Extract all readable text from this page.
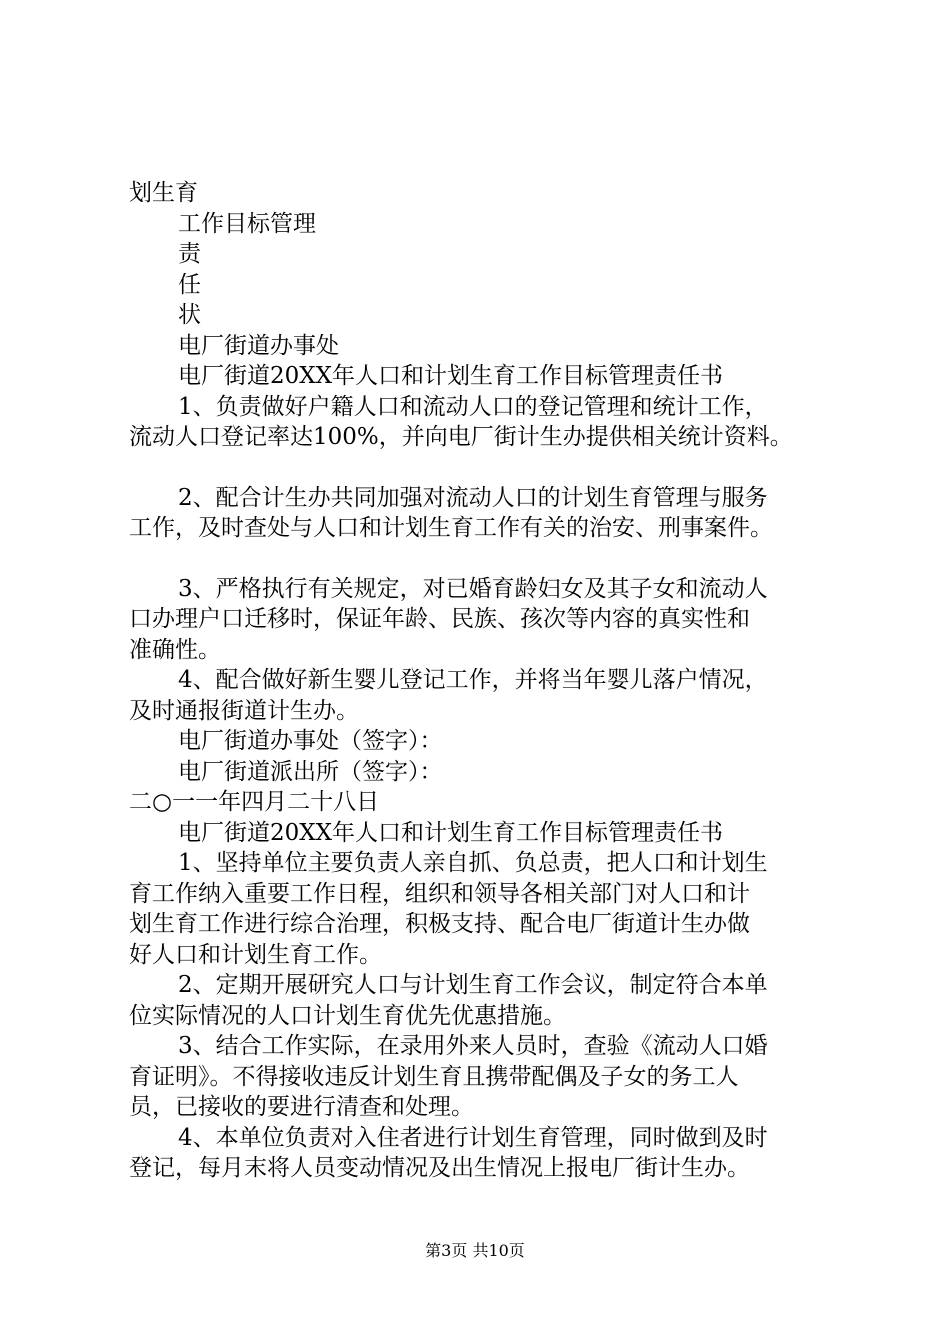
划生育

工作目标管理

责

任

状

电厂街道办事处

电厂街道20XX年人口和计划生育工作目标管理责任书

1、负责做好户籍人口和流动人口的登记管理和统计工作，

流动人口登记率达100%，并向电厂街计生办提供相关统计资料。

2、配合计生办共同加强对流动人口的计划生育管理与服务

工作，及时查处与人口和计划生育工作有关的治安、刑事案件。

3、严格执行有关规定，对已婚育龄妇女及其子女和流动人

口办理户口迁移时，保证年龄、民族、孩次等内容的真实性和

准确性。

4、配合做好新生婴儿登记工作，并将当年婴儿落户情况，

及时通报街道计生办。

电厂街道办事处（签字）：

电厂街道派出所（签字）：

二○一一年四月二十八日

电厂街道20XX年人口和计划生育工作目标管理责任书

1、坚持单位主要负责人亲自抓、负总责，把人口和计划生

育工作纳入重要工作日程，组织和领导各相关部门对人口和计

划生育工作进行综合治理，积极支持、配合电厂街道计生办做

好人口和计划生育工作。

2、定期开展研究人口与计划生育工作会议，制定符合本单

位实际情况的人口计划生育优先优惠措施。

3、结合工作实际，在录用外来人员时，查验《流动人口婚

育证明》。不得接收违反计划生育且携带配偶及子女的务工人

员，已接收的要进行清查和处理。

4、本单位负责对入住者进行计划生育管理，同时做到及时

登记，每月末将人员变动情况及出生情况上报电厂街计生办。

第3页 共10页
